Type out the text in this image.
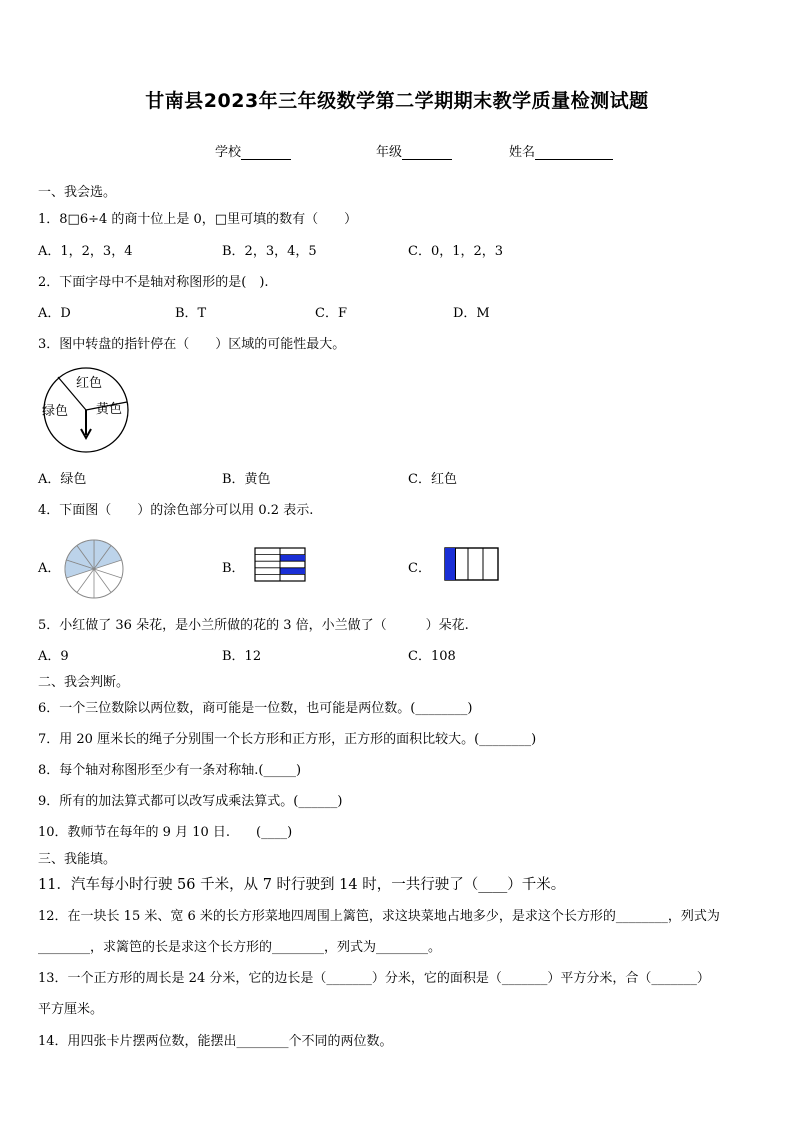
甘南县2023年三年级数学第二学期期末教学质量检测试题
学校	年级	姓名
一、我会选。
1．8□6÷4 的商十位上是 0，□里可填的数有（　　）
A．1，2，3，4	B．2，3，4，5	C．0，1，2，3
2．下面字母中不是轴对称图形的是(　).
A．D	B．T	C．F	D．M
3．图中转盘的指针停在（　　）区域的可能性最大。
红色
绿色 黄色
A．绿色	B．黄色	C．红色
4．下面图（　　）的涂色部分可以用 0.2 表示.
A．	B．	C．
5．小红做了 36 朵花，是小兰所做的花的 3 倍，小兰做了（　　　）朵花.
A．9	B．12	C．108
二、我会判断。
6．一个三位数除以两位数，商可能是一位数，也可能是两位数。(________)
7．用 20 厘米长的绳子分别围一个长方形和正方形，正方形的面积比较大。(________)
8．每个轴对称图形至少有一条对称轴.(_____)
9．所有的加法算式都可以改写成乘法算式。(______)
10．教师节在每年的 9 月 10 日.　　(____)
三、我能填。
11．汽车每小时行驶 56 千米，从 7 时行驶到 14 时，一共行驶了（____）千米。
12．在一块长 15 米、宽 6 米的长方形菜地四周围上篱笆，求这块菜地占地多少，是求这个长方形的________，列式为
________，求篱笆的长是求这个长方形的________，列式为________。
13．一个正方形的周长是 24 分米，它的边长是（_______）分米，它的面积是（_______）平方分米，合（_______）
平方厘米。
14．用四张卡片摆两位数，能摆出________个不同的两位数。
